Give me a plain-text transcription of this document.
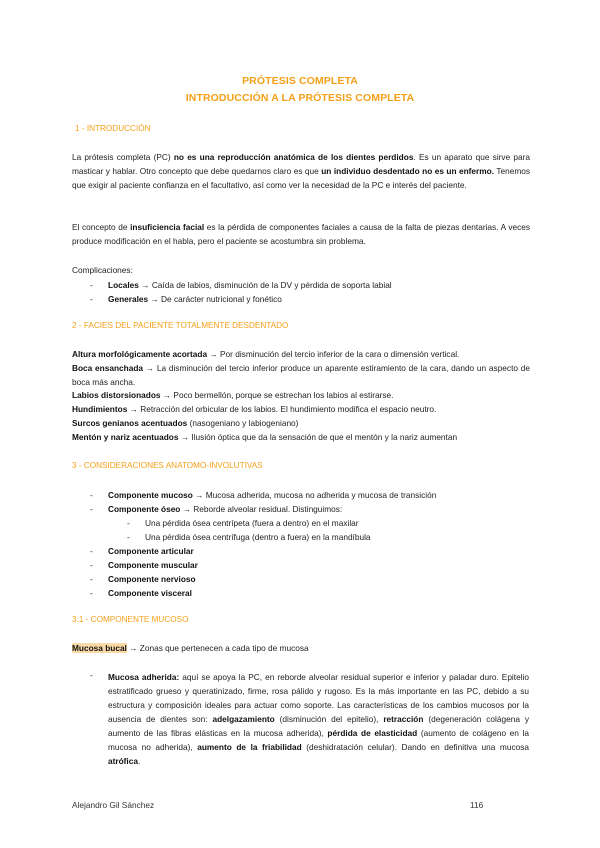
PRÓTESIS COMPLETA
INTRODUCCIÓN A LA PRÓTESIS COMPLETA
1 - INTRODUCCIÓN

La prótesis completa (PC) no es una reproducción anatómica de los dientes perdidos. Es un aparato que sirve para masticar y hablar. Otro concepto que debe quedarnos claro es que un individuo desdentado no es un enfermo. Tenemos que exigir al paciente confianza en el facultativo, así como ver la necesidad de la PC e interés del paciente.

El concepto de insuficiencia facial es la pérdida de componentes faciales a causa de la falta de piezas dentarias. A veces produce modificación en el habla, pero el paciente se acostumbra sin problema.

Complicaciones:
- Locales → Caída de labios, disminución de la DV y pérdida de soporta labial
- Generales → De carácter nutricional y fonético
2 - FACIES DEL PACIENTE TOTALMENTE DESDENTADO
Altura morfológicamente acortada → Por disminución del tercio inferior de la cara o dimensión vertical.

Boca ensanchada → La disminución del tercio inferior produce un aparente estiramiento de la cara, dando un aspecto de boca más ancha.

Labios distorsionados → Poco bermellón, porque se estrechan los labios al estirarse.
Hundimientos → Retracción del orbicular de los labios. El hundimiento modifica el espacio neutro.
Surcos genianos acentuados (nasogeniano y labiogeniano)
Mentón y nariz acentuados → Ilusión óptica que da la sensación de que el mentón y la nariz aumentan
3 - CONSIDERACIONES ANATOMO-INVOLUTIVAS
- Componente mucoso → Mucosa adherida, mucosa no adherida y mucosa de transición
- Componente óseo → Reborde alveolar residual. Distinguimos:
- Una pérdida ósea centrípeta (fuera a dentro) en el maxilar
- Una pérdida ósea centrífuga (dentro a fuera) en la mandíbula
- Componente articular
- Componente muscular
- Componente nervioso
- Componente visceral
3.1 - COMPONENTE MUCOSO
Mucosa bucal → Zonas que pertenecen a cada tipo de mucosa
- Mucosa adherida: aquí se apoya la PC, en reborde alveolar residual superior e inferior y paladar duro. Epitelio estratificado grueso y queratinizado, firme, rosa pálido y rugoso. Es la más importante en las PC, debido a su estructura y composición ideales para actuar como soporte. Las características de los cambios mucosos por la ausencia de dientes son: adelgazamiento (disminución del epitelio), retracción (degeneración colágena y aumento de las fibras elásticas en la mucosa adherida), pérdida de elasticidad (aumento de colágeno en la mucosa no adherida), aumento de la friabilidad (deshidratación celular). Dando en definitiva una mucosa atrófica.

Alejandro Gil Sánchez	116
